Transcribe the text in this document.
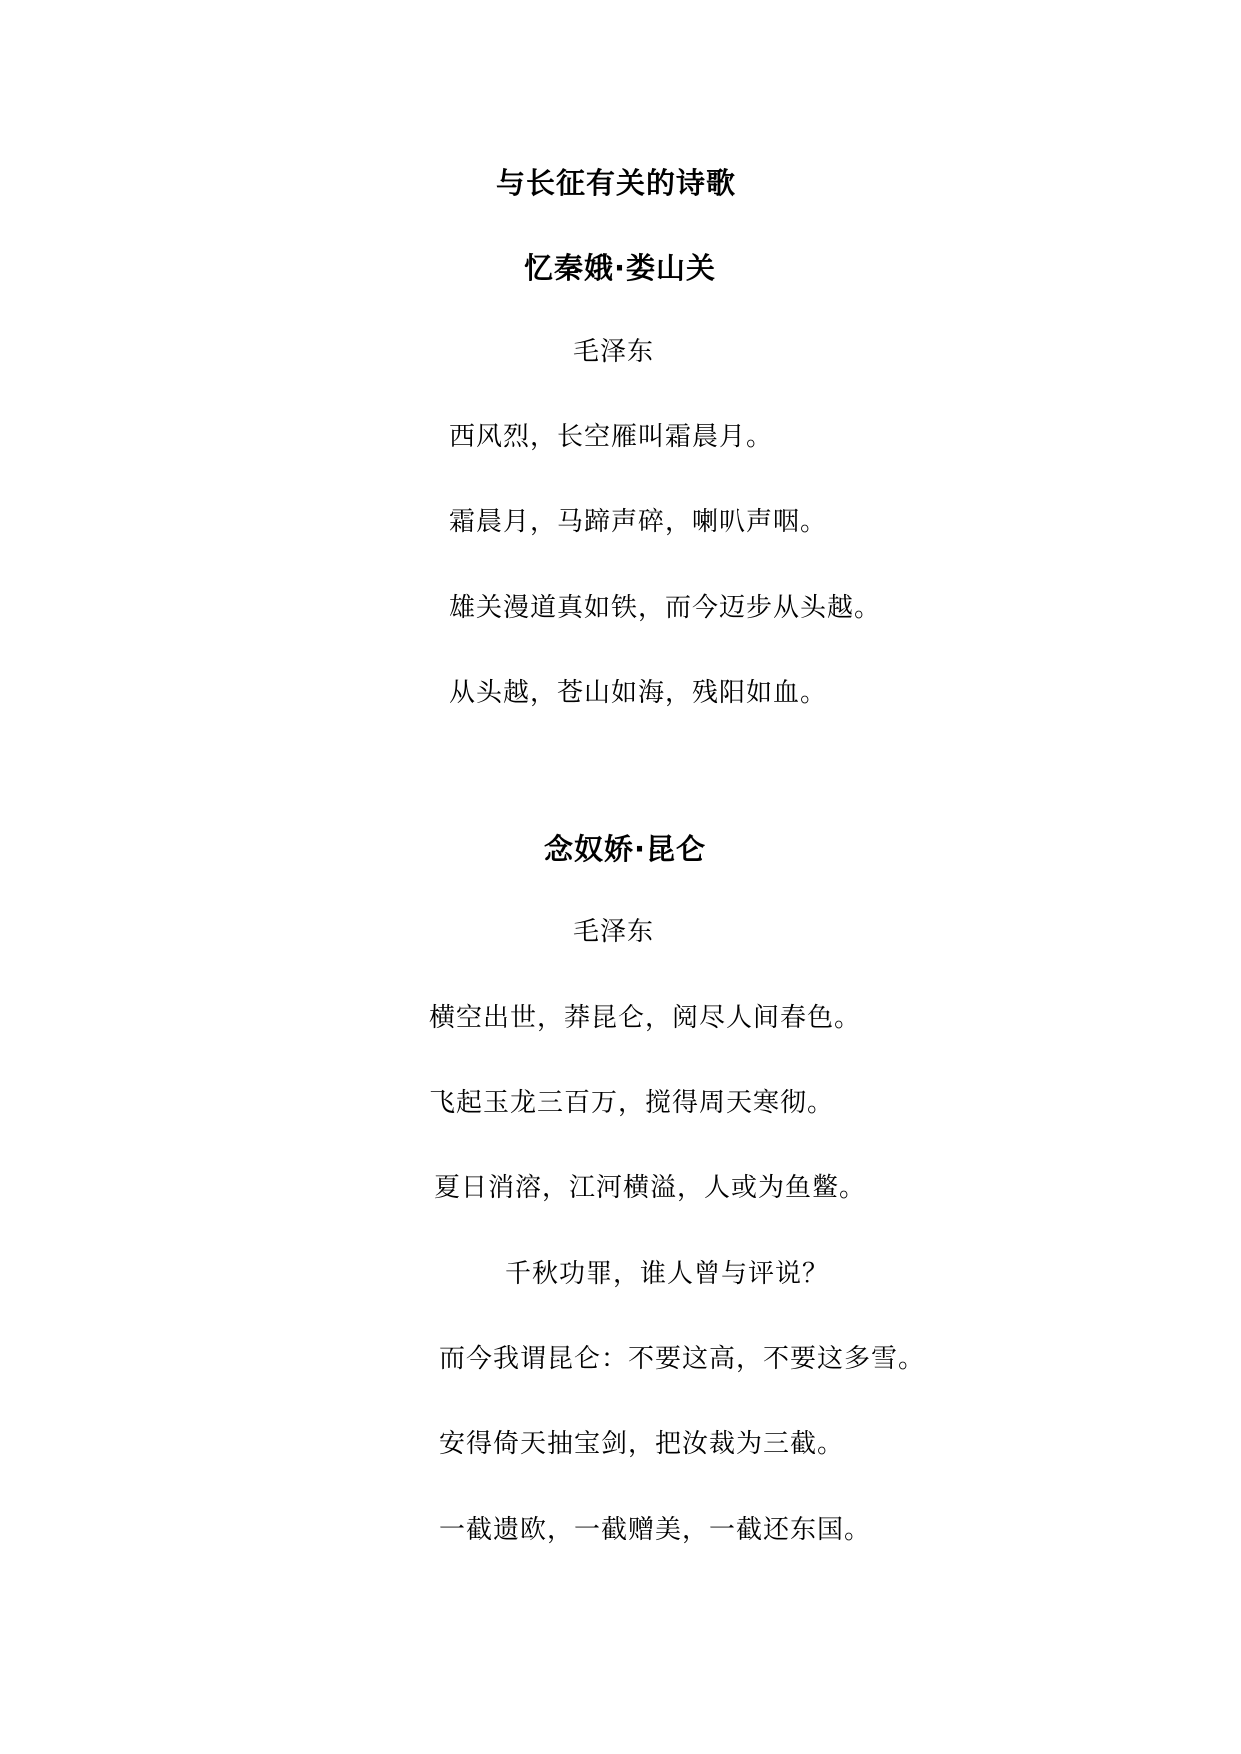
与长征有关的诗歌
忆秦娥·娄山关
毛泽东
西风烈，长空雁叫霜晨月。
霜晨月，马蹄声碎，喇叭声咽。
雄关漫道真如铁，而今迈步从头越。
从头越，苍山如海，残阳如血。
念奴娇·昆仑
毛泽东
横空出世，莽昆仑，阅尽人间春色。
飞起玉龙三百万，搅得周天寒彻。
夏日消溶，江河横溢，人或为鱼鳖。
千秋功罪，谁人曾与评说？
而今我谓昆仑：不要这高，不要这多雪。
安得倚天抽宝剑，把汝裁为三截。
一截遗欧，一截赠美，一截还东国。
